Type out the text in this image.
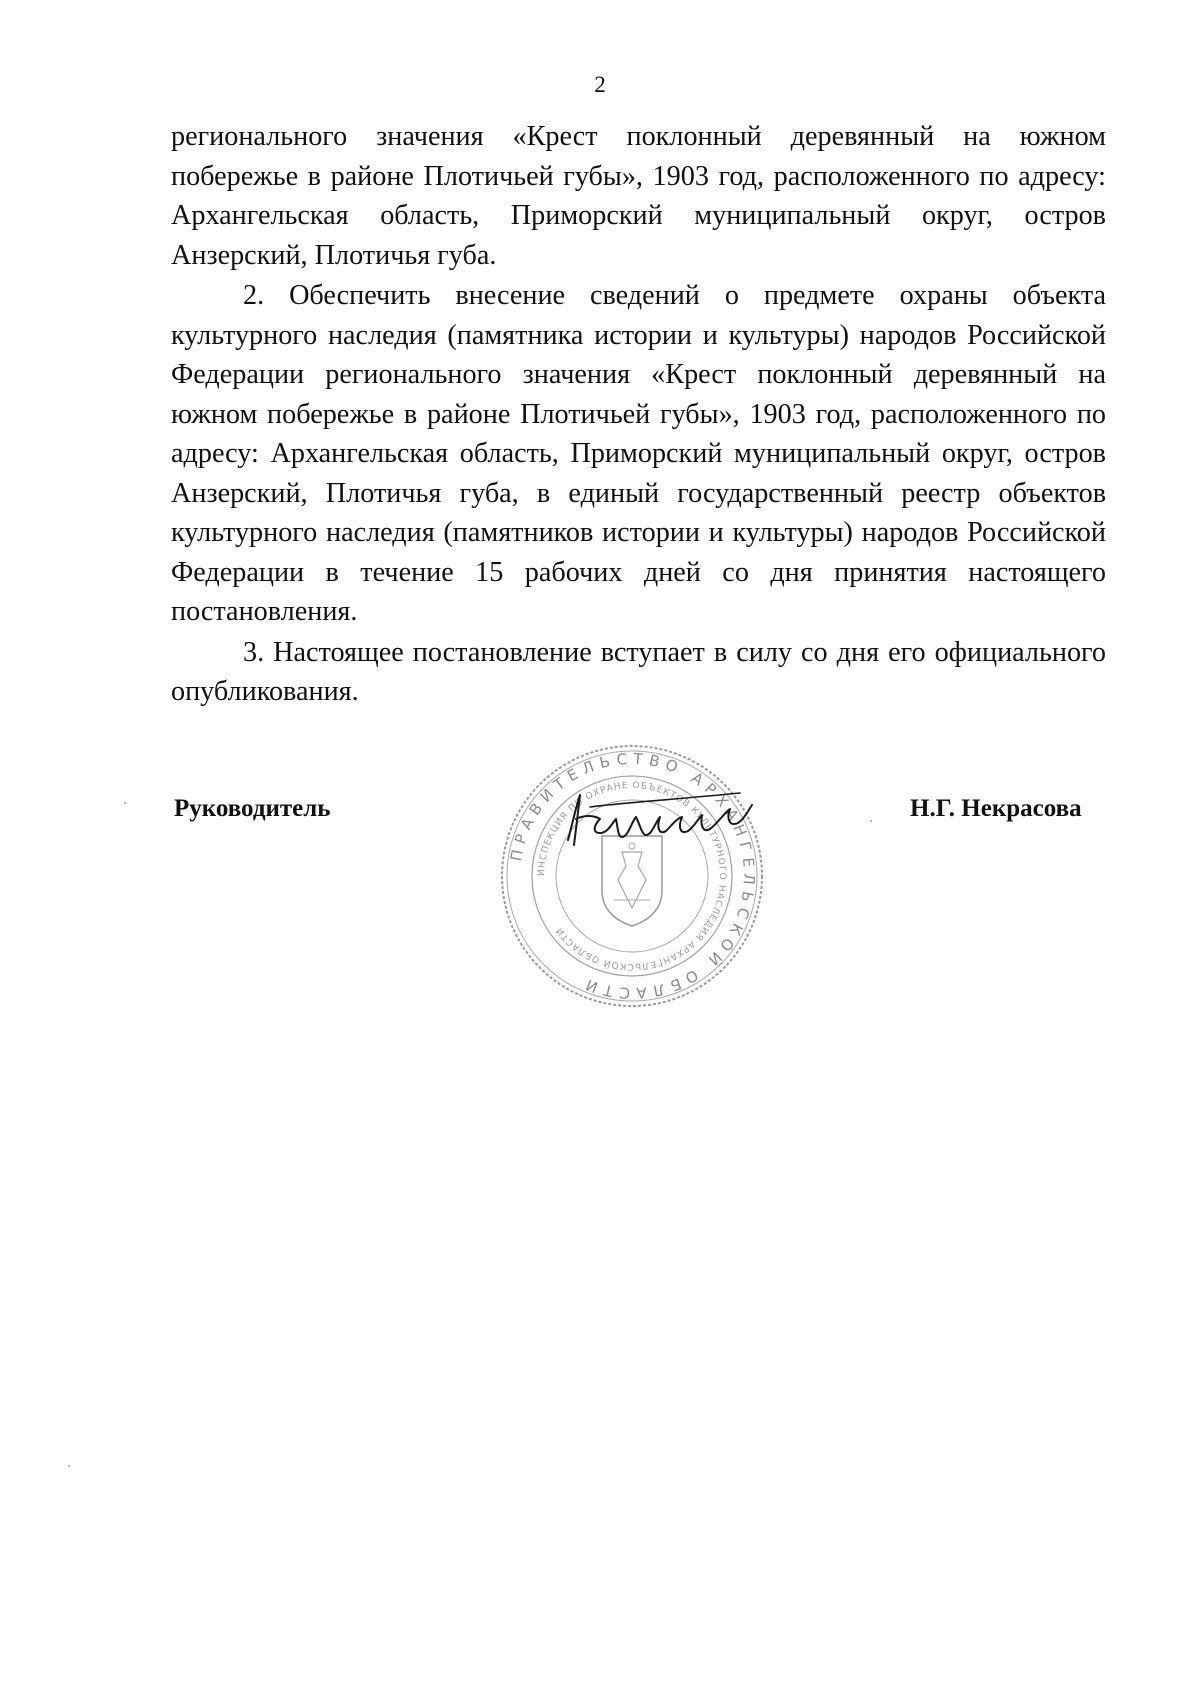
2

регионального значения «Крест поклонный деревянный на южном побережье в районе Плотичьей губы», 1903 год, расположенного по адресу: Архангельская область, Приморский муниципальный округ, остров Анзерский, Плотичья губа.

2. Обеспечить внесение сведений о предмете охраны объекта культурного наследия (памятника истории и культуры) народов Российской Федерации регионального значения «Крест поклонный деревянный на южном побережье в районе Плотичьей губы», 1903 год, расположенного по адресу: Архангельская область, Приморский муниципальный округ, остров Анзерский, Плотичья губа, в единый государственный реестр объектов культурного наследия (памятников истории и культуры) народов Российской Федерации в течение 15 рабочих дней со дня принятия настоящего постановления.

3. Настоящее постановление вступает в силу со дня его официального опубликования.

Руководитель	Н.Г. Некрасова
ПРАВИТЕЛЬСТВО АРХАНГЕЛЬСКОЙ ОБЛАСТИ
ИНСПЕКЦИЯ ПО ОХРАНЕ ОБЪЕКТОВ КУЛЬТУРНОГО НАСЛЕДИЯ АРХАНГЕЛЬСКОЙ ОБЛАСТИ
